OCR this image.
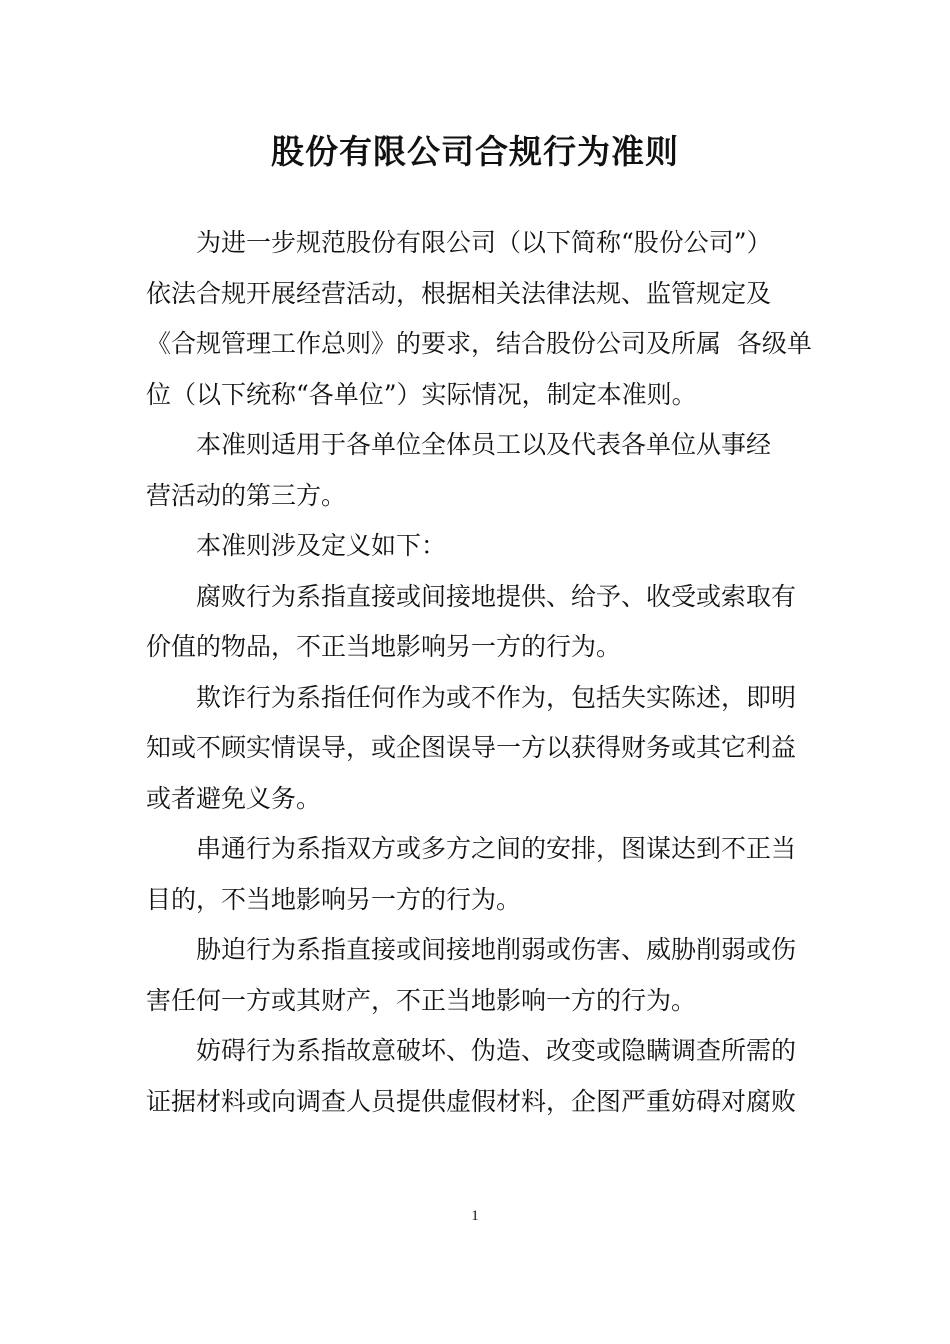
股份有限公司合规行为准则

为进一步规范股份有限公司（以下简称“股份公司”）
依法合规开展经营活动，根据相关法律法规、监管规定及
《合规管理工作总则》的要求，结合股份公司及所属  各级单
位（以下统称“各单位”）实际情况，制定本准则。

本准则适用于各单位全体员工以及代表各单位从事经
营活动的第三方。

本准则涉及定义如下：

腐败行为系指直接或间接地提供、给予、收受或索取有
价值的物品，不正当地影响另一方的行为。

欺诈行为系指任何作为或不作为，包括失实陈述，即明
知或不顾实情误导，或企图误导一方以获得财务或其它利益
或者避免义务。

串通行为系指双方或多方之间的安排，图谋达到不正当
目的，不当地影响另一方的行为。

胁迫行为系指直接或间接地削弱或伤害、威胁削弱或伤
害任何一方或其财产，不正当地影响一方的行为。

妨碍行为系指故意破坏、伪造、改变或隐瞒调查所需的
证据材料或向调查人员提供虚假材料，企图严重妨碍对腐败

1
